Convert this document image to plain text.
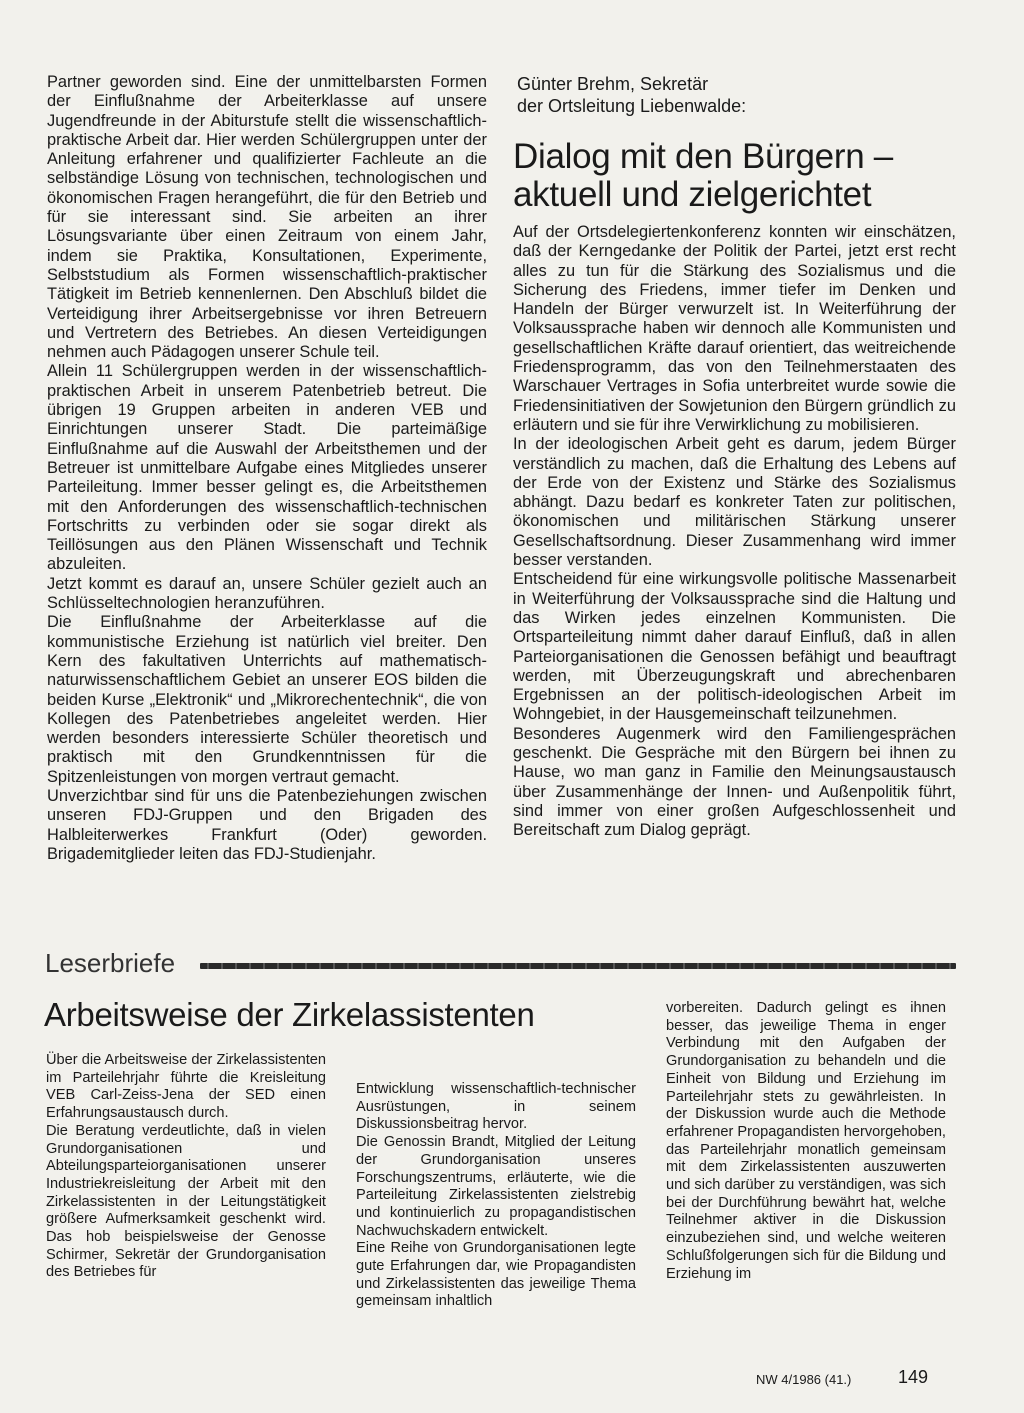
Partner geworden sind. Eine der unmittelbarsten Formen der Einflußnahme der Arbeiterklasse auf unsere Jugendfreunde in der Abiturstufe stellt die wissenschaftlich-praktische Arbeit dar. Hier werden Schülergruppen unter der Anleitung erfahrener und qualifizierter Fachleute an die selbständige Lösung von technischen, technologischen und ökonomischen Fragen herangeführt, die für den Betrieb und für sie interessant sind. Sie arbeiten an ihrer Lösungsvariante über einen Zeitraum von einem Jahr, indem sie Praktika, Konsultationen, Experimente, Selbststudium als Formen wissenschaftlich-praktischer Tätigkeit im Betrieb kennenlernen. Den Abschluß bildet die Verteidigung ihrer Arbeitsergebnisse vor ihren Betreuern und Vertretern des Betriebes. An diesen Verteidigungen nehmen auch Pädagogen unserer Schule teil.

Allein 11 Schülergruppen werden in der wissenschaftlich-praktischen Arbeit in unserem Patenbetrieb betreut. Die übrigen 19 Gruppen arbeiten in anderen VEB und Einrichtungen unserer Stadt. Die parteimäßige Einflußnahme auf die Auswahl der Arbeitsthemen und der Betreuer ist unmittelbare Aufgabe eines Mitgliedes unserer Parteileitung. Immer besser gelingt es, die Arbeitsthemen mit den Anforderungen des wissenschaftlich-technischen Fortschritts zu verbinden oder sie sogar direkt als Teillösungen aus den Plänen Wissenschaft und Technik abzuleiten.

Jetzt kommt es darauf an, unsere Schüler gezielt auch an Schlüsseltechnologien heranzuführen.

Die Einflußnahme der Arbeiterklasse auf die kommunistische Erziehung ist natürlich viel breiter. Den Kern des fakultativen Unterrichts auf mathematisch-naturwissenschaftlichem Gebiet an unserer EOS bilden die beiden Kurse „Elektronik“ und „Mikrorechentechnik“, die von Kollegen des Patenbetriebes angeleitet werden. Hier werden besonders interessierte Schüler theoretisch und praktisch mit den Grundkenntnissen für die Spitzenleistungen von morgen vertraut gemacht.

Unverzichtbar sind für uns die Patenbeziehungen zwischen unseren FDJ-Gruppen und den Brigaden des Halbleiterwerkes Frankfurt (Oder) geworden. Brigademitglieder leiten das FDJ-Studienjahr.

Günter Brehm, Sekretär
der Ortsleitung Liebenwalde:
Dialog mit den Bürgern –
aktuell und zielgerichtet

Auf der Ortsdelegiertenkonferenz konnten wir einschätzen, daß der Kerngedanke der Politik der Partei, jetzt erst recht alles zu tun für die Stärkung des Sozialismus und die Sicherung des Friedens, immer tiefer im Denken und Handeln der Bürger verwurzelt ist. In Weiterführung der Volksaussprache haben wir dennoch alle Kommunisten und gesellschaftlichen Kräfte darauf orientiert, das weitreichende Friedensprogramm, das von den Teilnehmerstaaten des Warschauer Vertrages in Sofia unterbreitet wurde sowie die Friedensinitiativen der Sowjetunion den Bürgern gründlich zu erläutern und sie für ihre Verwirklichung zu mobilisieren.

In der ideologischen Arbeit geht es darum, jedem Bürger verständlich zu machen, daß die Erhaltung des Lebens auf der Erde von der Existenz und Stärke des Sozialismus abhängt. Dazu bedarf es konkreter Taten zur politischen, ökonomischen und militärischen Stärkung unserer Gesellschaftsordnung. Dieser Zusammenhang wird immer besser verstanden.

Entscheidend für eine wirkungsvolle politische Massenarbeit in Weiterführung der Volksaussprache sind die Haltung und das Wirken jedes einzelnen Kommunisten. Die Ortsparteileitung nimmt daher darauf Einfluß, daß in allen Parteiorganisationen die Genossen befähigt und beauftragt werden, mit Überzeugungskraft und abrechenbaren Ergebnissen an der politisch-ideologischen Arbeit im Wohngebiet, in der Hausgemeinschaft teilzunehmen.

Besonderes Augenmerk wird den Familiengesprächen geschenkt. Die Gespräche mit den Bürgern bei ihnen zu Hause, wo man ganz in Familie den Meinungsaustausch über Zusammenhänge der Innen- und Außenpolitik führt, sind immer von einer großen Aufgeschlossenheit und Bereitschaft zum Dialog geprägt.

Leserbriefe
Arbeitsweise der Zirkelassistenten

Über die Arbeitsweise der Zirkelassistenten im Parteilehrjahr führte die Kreisleitung VEB Carl-Zeiss-Jena der SED einen Erfahrungsaustausch durch.

Die Beratung verdeutlichte, daß in vielen Grundorganisationen und Abteilungsparteiorganisationen unserer Industriekreisleitung der Arbeit mit den Zirkelassistenten in der Leitungstätigkeit größere Aufmerksamkeit geschenkt wird. Das hob beispielsweise der Genosse Schirmer, Sekretär der Grundorganisation des Betriebes für

Entwicklung wissenschaftlich-technischer Ausrüstungen, in seinem Diskussionsbeitrag hervor.

Die Genossin Brandt, Mitglied der Leitung der Grundorganisation unseres Forschungszentrums, erläuterte, wie die Parteileitung Zirkelassistenten zielstrebig und kontinuierlich zu propagandistischen Nachwuchskadern entwickelt.

Eine Reihe von Grundorganisationen legte gute Erfahrungen dar, wie Propagandisten und Zirkelassistenten das jeweilige Thema gemeinsam inhaltlich

vorbereiten. Dadurch gelingt es ihnen besser, das jeweilige Thema in enger Verbindung mit den Aufgaben der Grundorganisation zu behandeln und die Einheit von Bildung und Erziehung im Parteilehrjahr stets zu gewährleisten. In der Diskussion wurde auch die Methode erfahrener Propagandisten hervorgehoben, das Parteilehrjahr monatlich gemeinsam mit dem Zirkelassistenten auszuwerten und sich darüber zu verständigen, was sich bei der Durchführung bewährt hat, welche Teilnehmer aktiver in die Diskussion einzubeziehen sind, und welche weiteren Schlußfolgerungen sich für die Bildung und Erziehung im

NW 4/1986 (41.)	149
